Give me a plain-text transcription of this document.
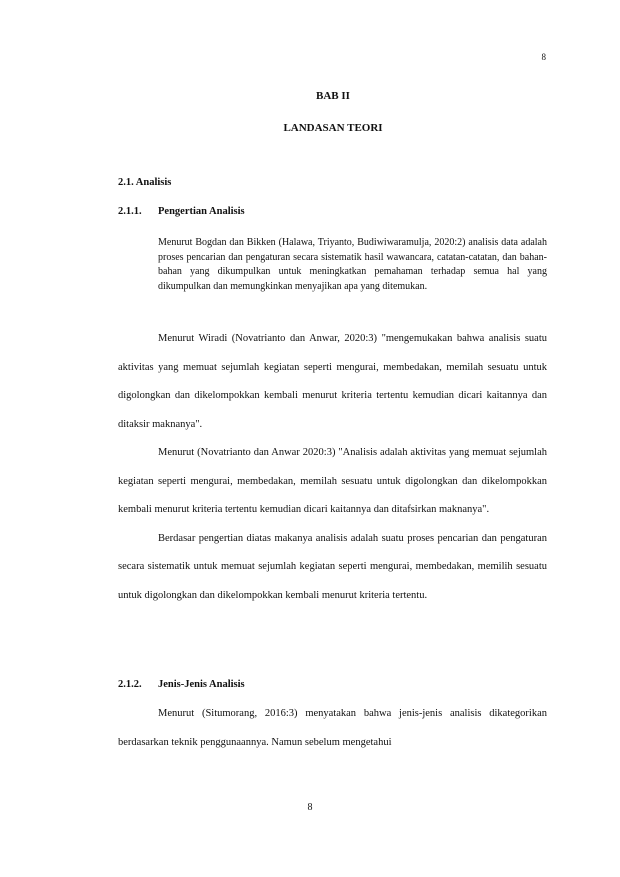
8
BAB II
LANDASAN TEORI
2.1. Analisis
2.1.1. Pengertian Analisis
Menurut Bogdan dan Bikken (Halawa, Triyanto, Budiwiwaramulja, 2020:2) analisis data adalah proses pencarian dan pengaturan secara sistematik hasil wawancara, catatan-catatan, dan bahan-bahan yang dikumpulkan untuk meningkatkan pemahaman terhadap semua hal yang dikumpulkan dan memungkinkan menyajikan apa yang ditemukan.

Menurut Wiradi (Novatrianto dan Anwar, 2020:3) "mengemukakan bahwa analisis suatu aktivitas yang memuat sejumlah kegiatan seperti mengurai, membedakan, memilah sesuatu untuk digolongkan dan dikelompokkan kembali menurut kriteria tertentu kemudian dicari kaitannya dan ditaksir maknanya".

Menurut (Novatrianto dan Anwar 2020:3) "Analisis adalah aktivitas yang memuat sejumlah kegiatan seperti mengurai, membedakan, memilah sesuatu untuk digolongkan dan dikelompokkan kembali menurut kriteria tertentu kemudian dicari kaitannya dan ditafsirkan maknanya".

Berdasar pengertian diatas makanya analisis adalah suatu proses pencarian dan pengaturan secara sistematik untuk memuat sejumlah kegiatan seperti mengurai, membedakan, memilih sesuatu untuk digolongkan dan dikelompokkan kembali menurut kriteria tertentu.

2.1.2. Jenis-Jenis Analisis

Menurut (Situmorang, 2016:3) menyatakan bahwa jenis-jenis analisis dikategorikan berdasarkan teknik penggunaannya. Namun sebelum mengetahui

8
